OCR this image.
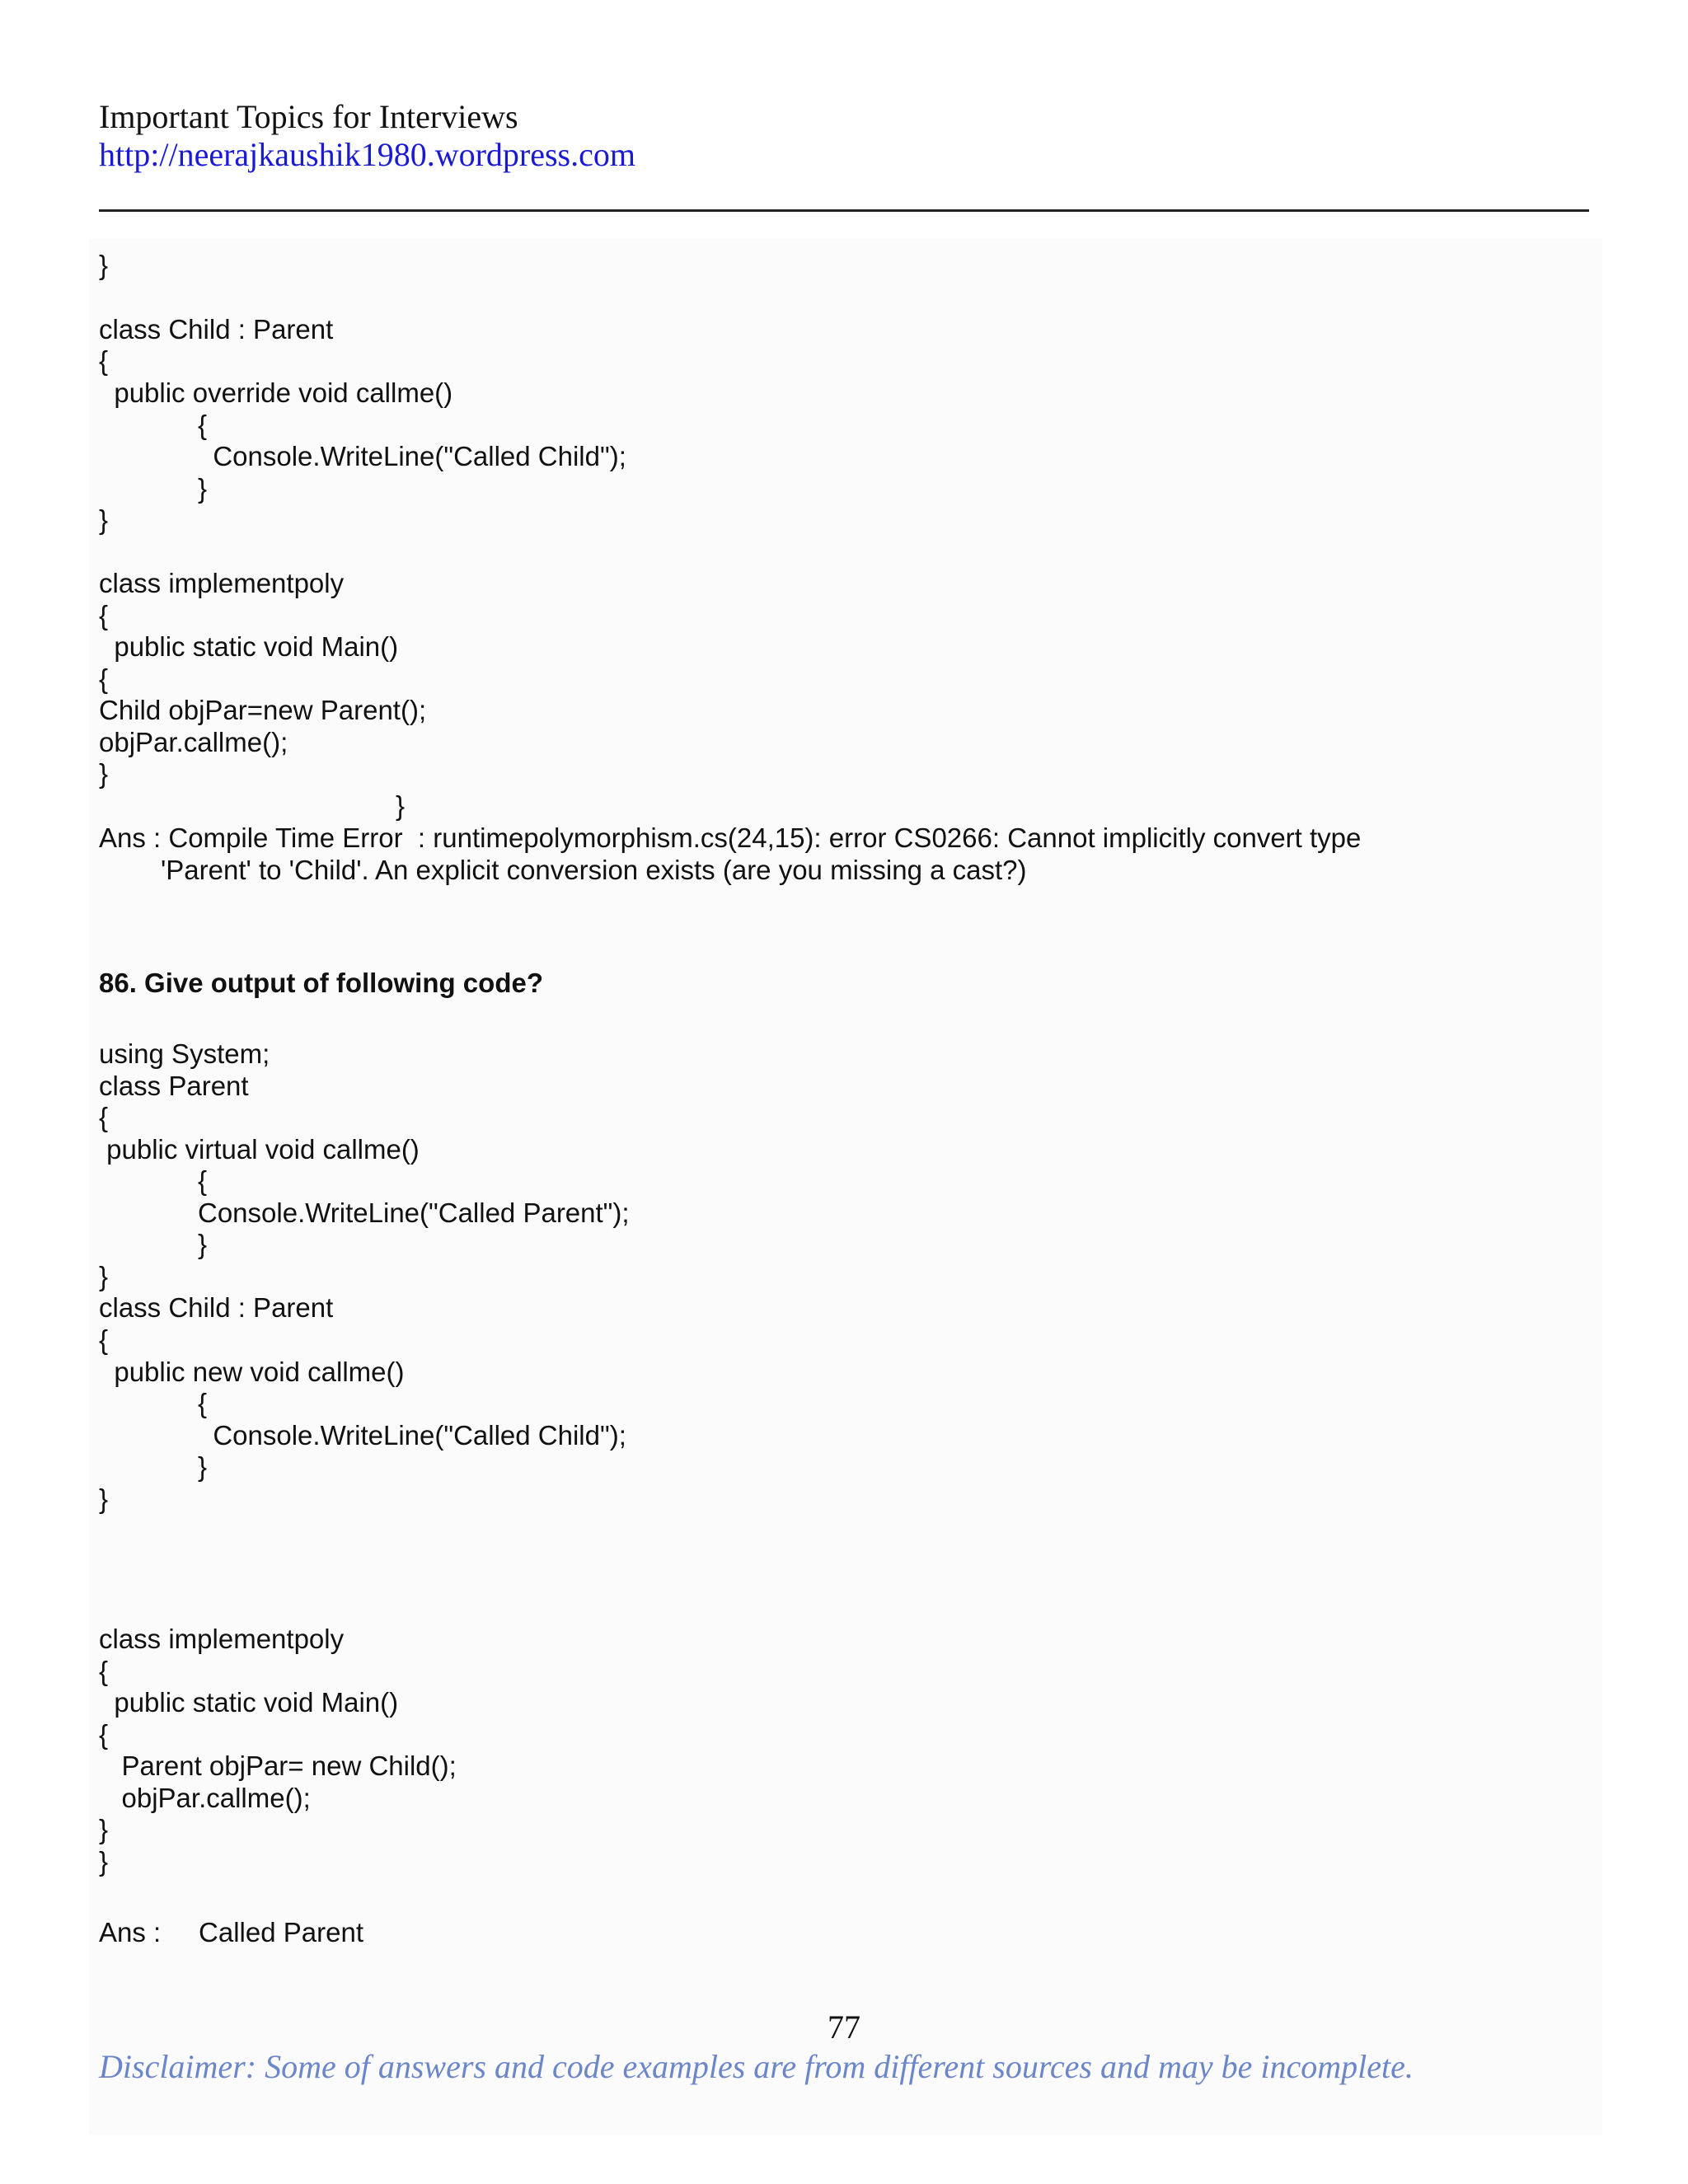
Important Topics for Interviews
http://neerajkaushik1980.wordpress.com
}
class Child : Parent
{
public override void callme()
{
Console.WriteLine("Called Child");
}
}
class implementpoly
{
public static void Main()
{
Child objPar=new Parent();
objPar.callme();
}
}
Ans : Compile Time Error  : runtimepolymorphism.cs(24,15): error CS0266: Cannot implicitly convert type
'Parent' to 'Child'. An explicit conversion exists (are you missing a cast?)
86. Give output of following code?
using System;
class Parent
{
public virtual void callme()
{
Console.WriteLine("Called Parent");
}
}
class Child : Parent
{
public new void callme()
{
Console.WriteLine("Called Child");
}
}
class implementpoly
{
public static void Main()
{
Parent objPar= new Child();
objPar.callme();
}
}
Ans :     Called Parent
77
Disclaimer: Some of answers and code examples are from different sources and may be incomplete.
